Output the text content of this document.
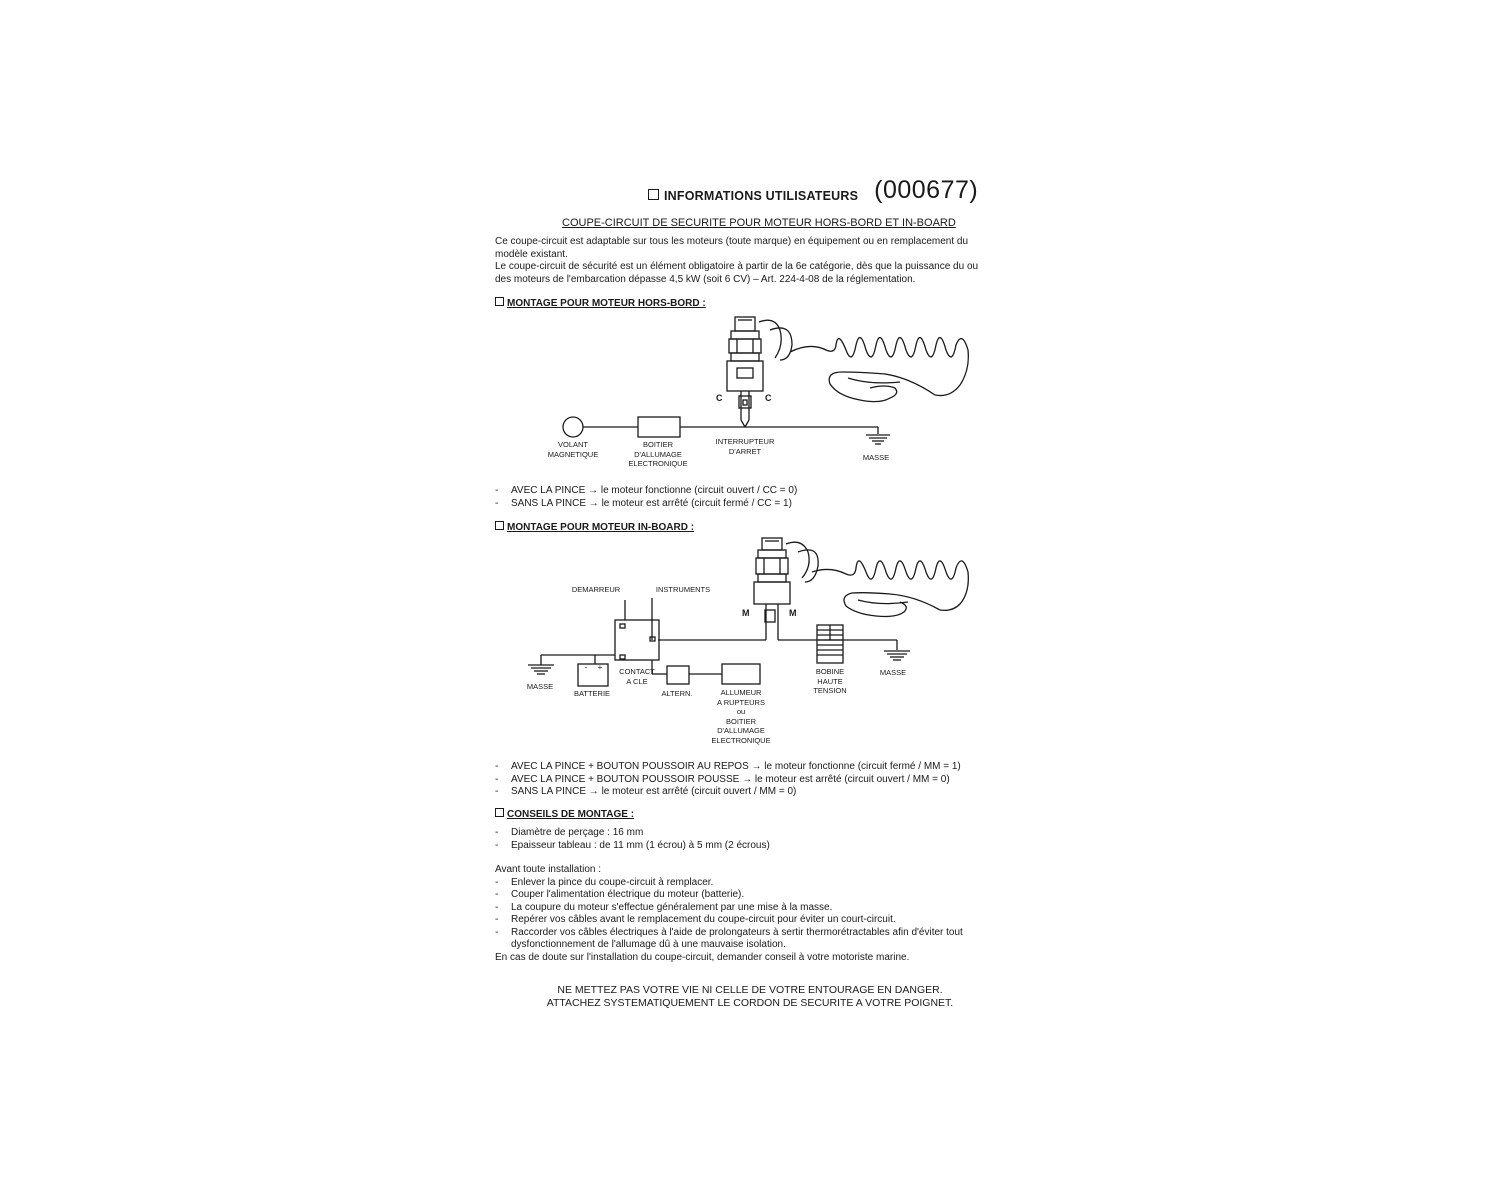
INFORMATIONS UTILISATEURS (000677)
COUPE-CIRCUIT DE SECURITE POUR MOTEUR HORS-BORD ET IN-BOARD
Ce coupe-circuit est adaptable sur tous les moteurs (toute marque) en équipement ou en remplacement du
modèle existant.
Le coupe-circuit de sécurité est un élément obligatoire à partir de la 6e catégorie, dès que la puissance du ou
des moteurs de l'embarcation dépasse 4,5 kW (soit 6 CV) – Art. 224-4-08 de la réglementation.
MONTAGE POUR MOTEUR HORS-BORD :
VOLANT
MAGNETIQUE
BOITIER
D'ALLUMAGE
ELECTRONIQUE
INTERRUPTEUR
D'ARRET
MASSE
C	C
- AVEC LA PINCE → le moteur fonctionne (circuit ouvert / CC = 0)
- SANS LA PINCE → le moteur est arrêté (circuit fermé / CC = 1)
MONTAGE POUR MOTEUR IN-BOARD :
DEMARREUR	INSTRUMENTS
MASSE
BATTERIE
- + CONTACT
A CLE
ALTERN.	ALLUMEUR
A RUPTEURS
ou
BOITIER
D'ALLUMAGE
ELECTRONIQUE
BOBINE
HAUTE
TENSION
MASSE
M	M
- AVEC LA PINCE + BOUTON POUSSOIR AU REPOS → le moteur fonctionne (circuit fermé / MM = 1)
- AVEC LA PINCE + BOUTON POUSSOIR POUSSE → le moteur est arrêté (circuit ouvert / MM = 0)
- SANS LA PINCE → le moteur est arrêté (circuit ouvert / MM = 0)
CONSEILS DE MONTAGE :
- Diamètre de perçage : 16 mm
- Epaisseur tableau : de 11 mm (1 écrou) à 5 mm (2 écrous)
Avant toute installation :
- Enlever la pince du coupe-circuit à remplacer.
- Couper l'alimentation électrique du moteur (batterie).
- La coupure du moteur s'effectue généralement par une mise à la masse.
- Repérer vos câbles avant le remplacement du coupe-circuit pour éviter un court-circuit.
- Raccorder vos câbles électriques à l'aide de prolongateurs à sertir thermorétractables afin d'éviter tout
dysfonctionnement de l'allumage dû à une mauvaise isolation.
En cas de doute sur l'installation du coupe-circuit, demander conseil à votre motoriste marine.
NE METTEZ PAS VOTRE VIE NI CELLE DE VOTRE ENTOURAGE EN DANGER.
ATTACHEZ SYSTEMATIQUEMENT LE CORDON DE SECURITE A VOTRE POIGNET.
